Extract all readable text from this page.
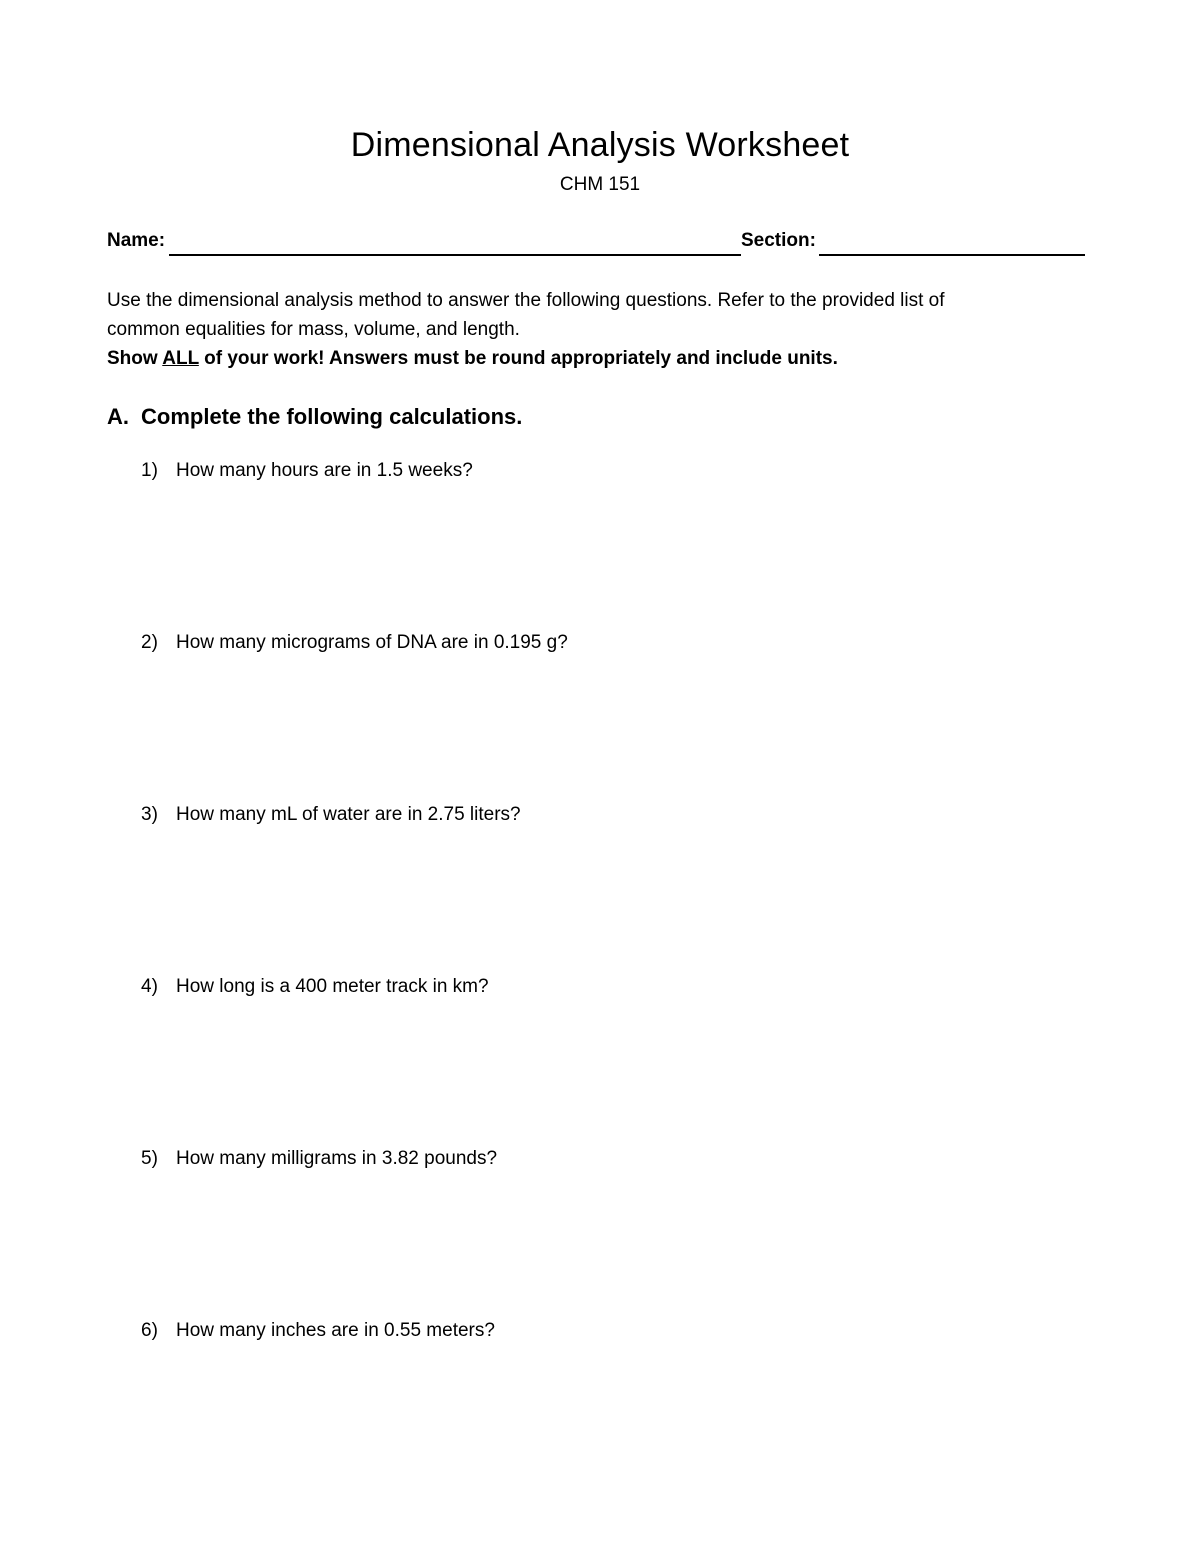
Dimensional Analysis Worksheet
CHM 151
Name:	Section:
Use the dimensional analysis method to answer the following questions. Refer to the provided list of
common equalities for mass, volume, and length.
Show ALL of your work! Answers must be round appropriately and include units.
A. Complete the following calculations.
1) How many hours are in 1.5 weeks?
2) How many micrograms of DNA are in 0.195 g?
3) How many mL of water are in 2.75 liters?
4) How long is a 400 meter track in km?
5) How many milligrams in 3.82 pounds?
6) How many inches are in 0.55 meters?
